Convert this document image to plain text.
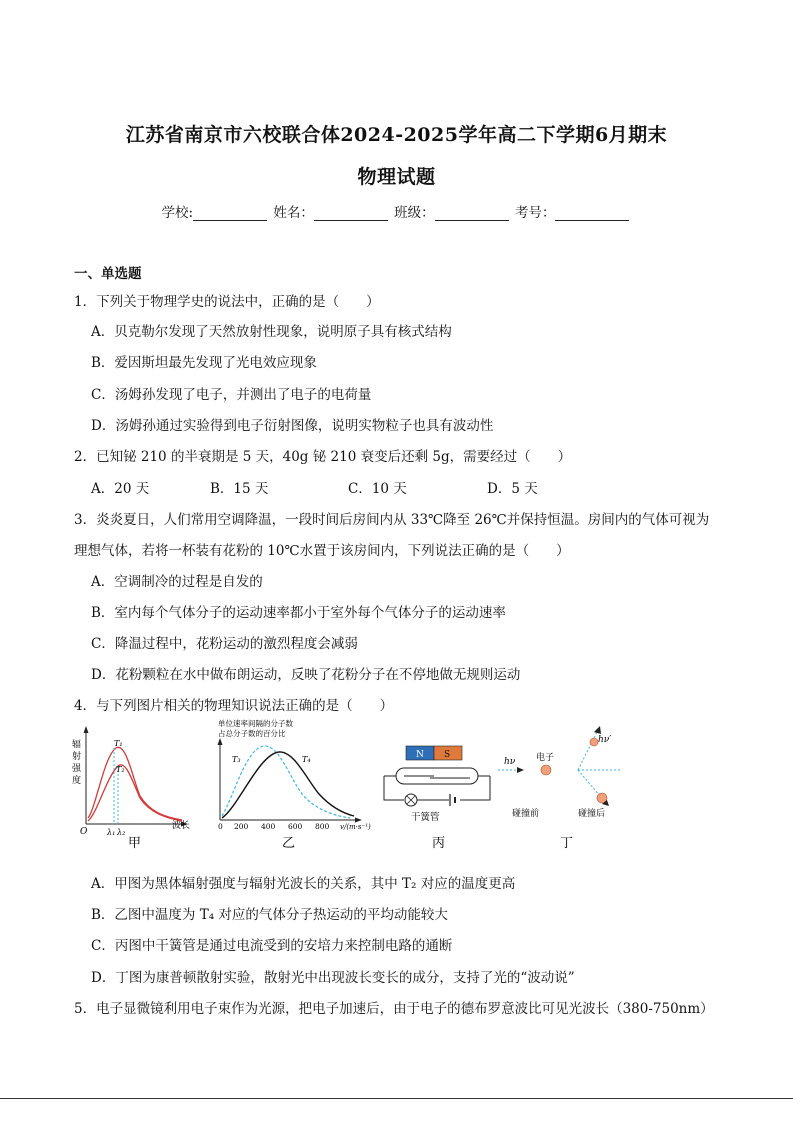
江苏省南京市六校联合体2024-2025学年高二下学期6月期末
物理试题
学校:	姓名：	班级：	考号：
一、单选题
1．下列关于物理学史的说法中，正确的是（　　）
A．贝克勒尔发现了天然放射性现象，说明原子具有核式结构
B．爱因斯坦最先发现了光电效应现象
C．汤姆孙发现了电子，并测出了电子的电荷量
D．汤姆孙通过实验得到电子衍射图像，说明实物粒子也具有波动性
2．已知铋 210 的半衰期是 5 天，40g 铋 210 衰变后还剩 5g，需要经过（　　）
A．20 天	B．15 天	C．10 天	D．5 天
3．炎炎夏日，人们常用空调降温，一段时间后房间内从 33℃降至 26℃并保持恒温。房间内的气体可视为
理想气体，若将一杯装有花粉的 10℃水置于该房间内，下列说法正确的是（　　）
A．空调制冷的过程是自发的
B．室内每个气体分子的运动速率都小于室外每个气体分子的运动速率
C．降温过程中，花粉运动的激烈程度会减弱
D．花粉颗粒在水中做布朗运动，反映了花粉分子在不停地做无规则运动
4．与下列图片相关的物理知识说法正确的是（　　）
辐
射
强
度
T₁
T₂
O λ₁ λ₂
波长
甲
单位速率间隔的分子数
占总分子数的百分比
T₃	T₄
0 200 400 600 800 v/(m·s⁻¹)
乙
N S
干簧管
丙
hν 电子
碰撞前
hν′
碰撞后
丁
A．甲图为黑体辐射强度与辐射光波长的关系，其中 T₂ 对应的温度更高
B．乙图中温度为 T₄ 对应的气体分子热运动的平均动能较大
C．丙图中干簧管是通过电流受到的安培力来控制电路的通断
D．丁图为康普顿散射实验，散射光中出现波长变长的成分，支持了光的“波动说”
5．电子显微镜利用电子束作为光源，把电子加速后，由于电子的德布罗意波比可见光波长（380-750nm）
